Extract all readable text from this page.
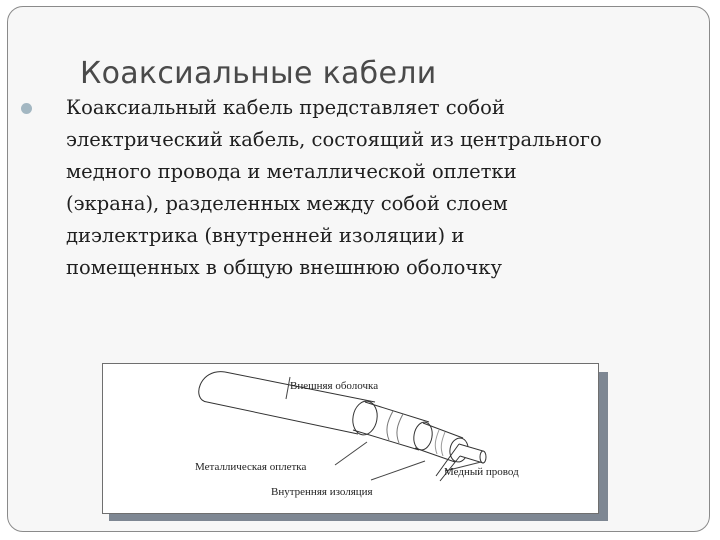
Коаксиальные кабели
Коаксиальный кабель представляет собой
электрический кабель, состоящий из центрального
медного провода и металлической оплетки
(экрана), разделенных между собой слоем
диэлектрика (внутренней изоляции) и
помещенных в общую внешнюю оболочку
Внешняя оболочка
Металлическая оплетка
Внутренняя изоляция
Медный провод
